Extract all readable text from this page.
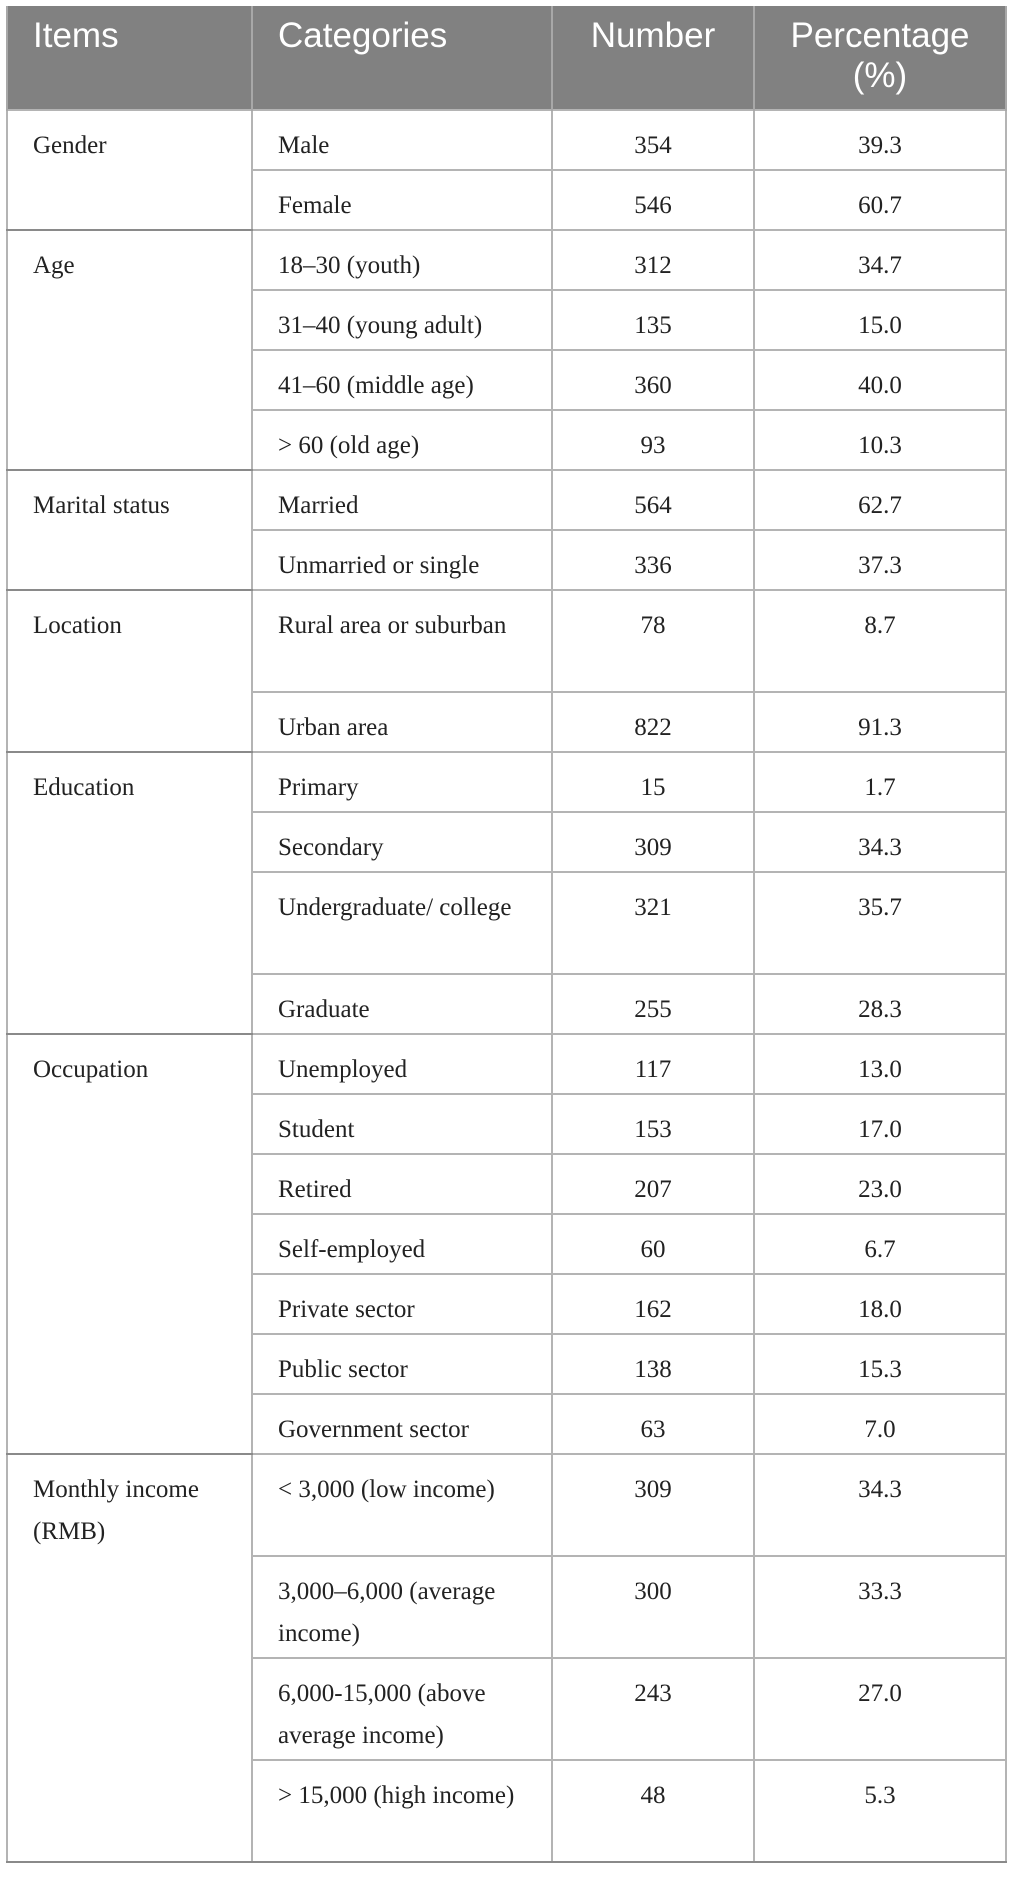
Items	Categories	Number	Percentage (%)
Gender	Male	354	39.3
	Female	546	60.7
Age	18–30 (youth)	312	34.7
	31–40 (young adult)	135	15.0
	41–60 (middle age)	360	40.0
	> 60 (old age)	93	10.3
Marital status	Married	564	62.7
	Unmarried or single	336	37.3
Location	Rural area or suburban	78	8.7
	Urban area	822	91.3
Education	Primary	15	1.7
	Secondary	309	34.3
	Undergraduate/ college	321	35.7
	Graduate	255	28.3
Occupation	Unemployed	117	13.0
	Student	153	17.0
	Retired	207	23.0
	Self-employed	60	6.7
	Private sector	162	18.0
	Public sector	138	15.3
	Government sector	63	7.0
Monthly income (RMB)	< 3,000 (low income)	309	34.3
	3,000–6,000 (average income)	300	33.3
	6,000-15,000 (above average income)	243	27.0
	> 15,000 (high income)	48	5.3
